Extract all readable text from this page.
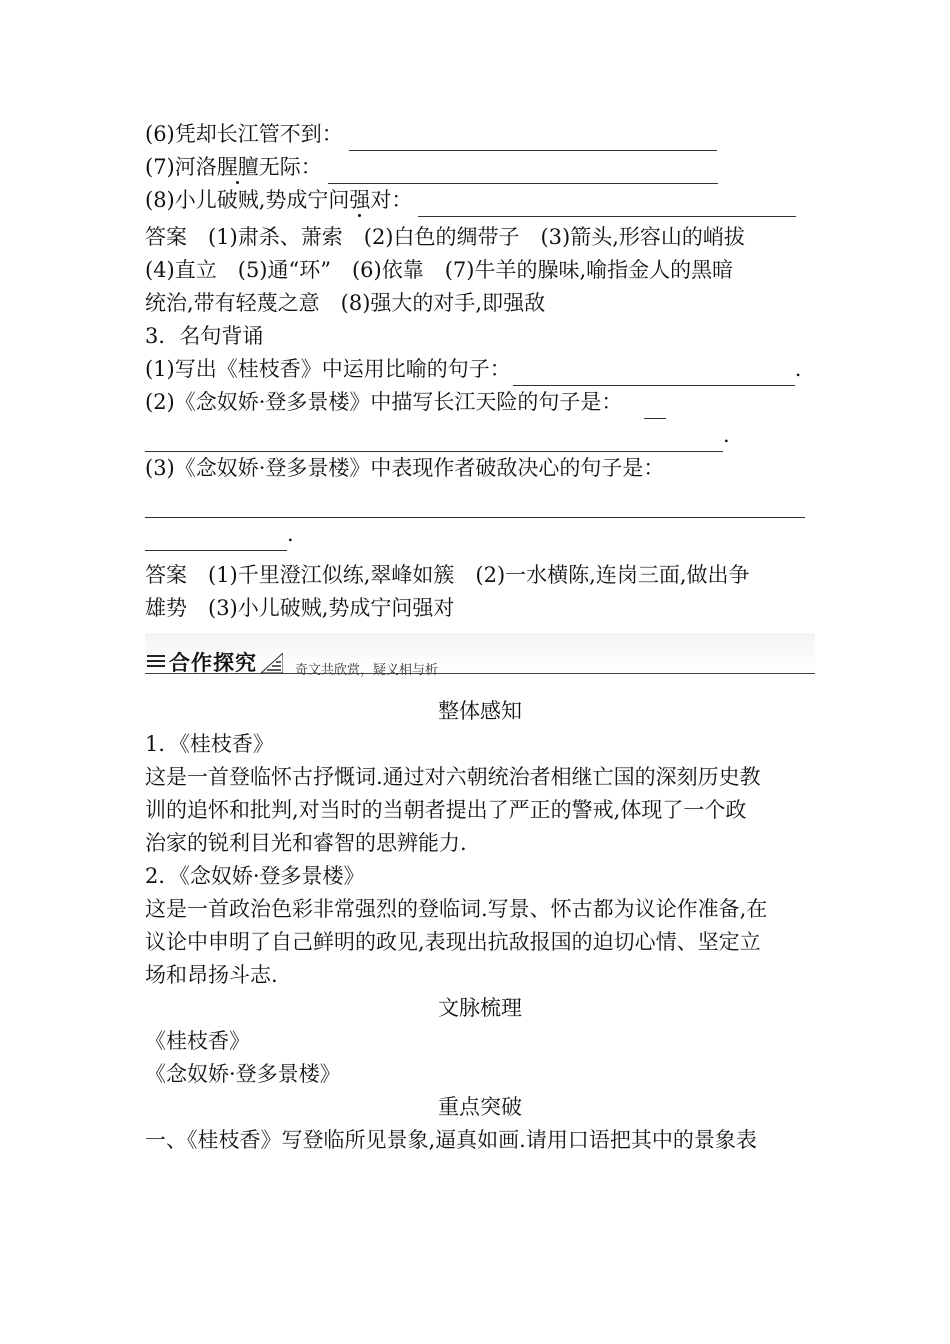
(6)凭却长江管不到：
(7)河洛腥膻无际：
(8)小儿破贼,势成宁问强对：
答案　(1)肃杀、萧索　(2)白色的绸带子　(3)箭头,形容山的峭拔
(4)直立　(5)通“环”　(6)依靠　(7)牛羊的臊味,喻指金人的黑暗
统治,带有轻蔑之意　(8)强大的对手,即强敌
3．名句背诵
(1)写出《桂枝香》中运用比喻的句子：	.
(2)《念奴娇·登多景楼》中描写长江天险的句子是：
.
(3)《念奴娇·登多景楼》中表现作者破敌决心的句子是：
.
答案　(1)千里澄江似练,翠峰如簇　(2)一水横陈,连岗三面,做出争
雄势　(3)小儿破贼,势成宁问强对
合作探究	奇文共欣赏，疑义相与析
整体感知
1．《桂枝香》
这是一首登临怀古抒慨词.通过对六朝统治者相继亡国的深刻历史教
训的追怀和批判,对当时的当朝者提出了严正的警戒,体现了一个政
治家的锐利目光和睿智的思辨能力.
2．《念奴娇·登多景楼》
这是一首政治色彩非常强烈的登临词.写景、怀古都为议论作准备,在
议论中申明了自己鲜明的政见,表现出抗敌报国的迫切心情、坚定立
场和昂扬斗志.
文脉梳理
《桂枝香》
《念奴娇·登多景楼》
重点突破
一、《桂枝香》写登临所见景象,逼真如画.请用口语把其中的景象表
